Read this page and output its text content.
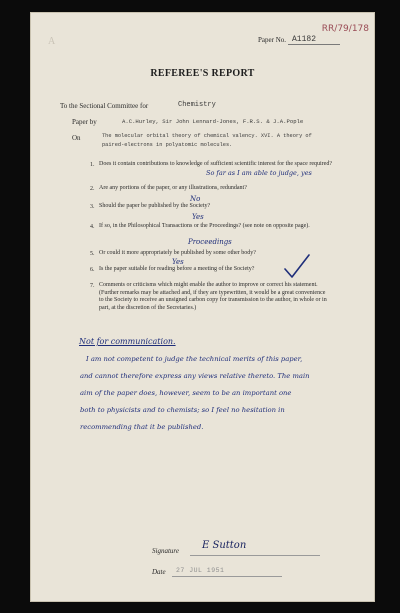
A
RR/79/178
Paper No. A1182
REFEREE'S REPORT
To the Sectional Committee for	Chemistry
Paper by	A.C.Hurley, Sir John Lennard-Jones, F.R.S. & J.A.Pople
On	The molecular orbital theory of chemical valency. XVI. A theory of
paired-electrons in polyatomic molecules.
1. Does it contain contributions to knowledge of sufficient scientific interest for the space required?
So far as I am able to judge, yes
2. Are any portions of the paper, or any illustrations, redundant?
No
3. Should the paper be published by the Society?
Yes
4. If so, in the Philosophical Transactions or the Proceedings? (see note on opposite page).
Proceedings
5. Or could it more appropriately be published by some other body?
6. Is the paper suitable for reading before a meeting of the Society?
Yes
7. Comments or criticisms which might enable the author to improve or correct his statement. (Further remarks may be attached and, if they are typewritten, it would be a great convenience to the Society to receive an unsigned carbon copy for transmission to the author, in whole or in part, at the discretion of the Secretaries.)
Not for communication.
I am not competent to judge the technical merits of this paper,
and cannot therefore express any views relative thereto. The main
aim of the paper does, however, seem to be an important one
both to physicists and to chemists; so I feel no hesitation in
recommending that it be published.
Signature E Sutton
Date 27 JUL 1951
